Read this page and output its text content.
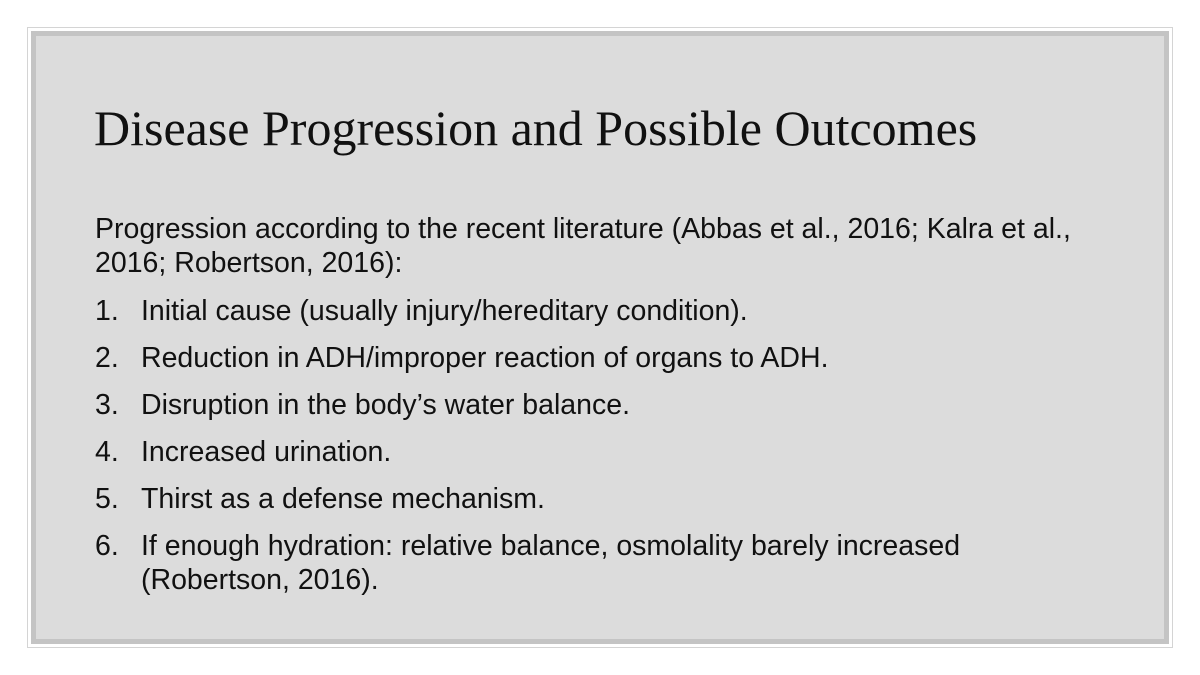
Disease Progression and Possible Outcomes

Progression according to the recent literature (Abbas et al., 2016; Kalra et al., 2016; Robertson, 2016):

1. Initial cause (usually injury/hereditary condition).
2. Reduction in ADH/improper reaction of organs to ADH.
3. Disruption in the body’s water balance.
4. Increased urination.
5. Thirst as a defense mechanism.
6. If enough hydration: relative balance, osmolality barely increased (Robertson, 2016).
